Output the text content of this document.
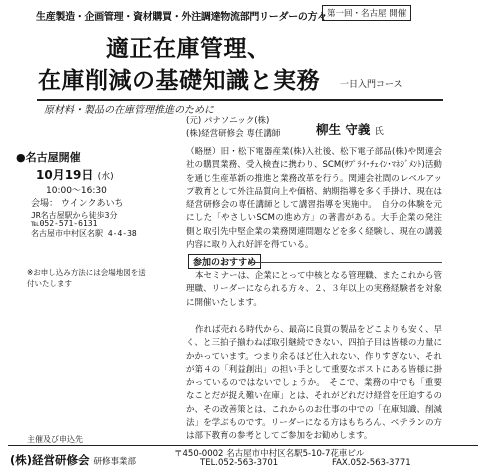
生産製造・企画管理・資材購買・外注調達物流部門リーダーの方々 第一回・名古屋 開催
適正在庫管理、
在庫削減の基礎知識と実務 一日入門コース
原材料・製品の在庫管理推進のために
(元) パナソニック(株)
(株)経営研修会 専任講師	柳生 守義 氏
（略歴）旧・松下電器産業(株)入社後、松下電子部品(株)や関連会社の購買業務、受入検査に携わり、SCM(ｻﾌﾟﾗｲ･ﾁｪｲﾝ･ﾏﾈｼﾞﾒﾝﾄ)活動を通じ生産革新の推進と業務改革を行う。関連会社間のレベルアップ教育として外注品質向上や価格、納期指導を多く手掛け、現在は経営研修会の専任講師として講習指導を実施中。　自分の体験を元にした「やさしいSCMの進め方」の著書がある。大手企業の発注側と取引先中堅企業の業務関連問題などを多く経験し、現在の講義内容に取り入れ好評を得ている。
●名古屋開催
10月19日 (水)
10:00～16:30
会場： ウインクあいち
JR名古屋駅から徒歩3分
℡052-571-6131
名古屋市中村区名駅 4-4-38
※お申し込み方法には会場地図を送付いたします
参加のおすすめ
本セミナーは、企業にとって中核となる管理職、またこれから管理職、リーダーになられる方々、２、３年以上の実務経験者を対象に開催いたします。
作れば売れる時代から、最高に良質の製品をどこよりも安く、早く、と三拍子揃わねば取引継続できない、四拍子目は皆様の力量にかかっています。つまり余るほど仕入れない、作りすぎない、それが第４の「利益創出」の担い手として重要なポストにある皆様に掛かっているのではないでしょうか。　そこで、業務の中でも「重要なことだが捉え難い在庫」とは、それがどれだけ経営を圧迫するのか、その改善策とは、これからのお仕事の中での「在庫知識、削減法」を学ぶものです。リーダーになる方はもちろん、ベテランの方は部下教育の参考としてご参加をお勧めします。
主催及び申込先
(株)経営研修会 研修事業部
〒450-0002 名古屋市中村区名駅5-10-7花車ビル
TEL.052-563-3701	FAX.052-563-3771
